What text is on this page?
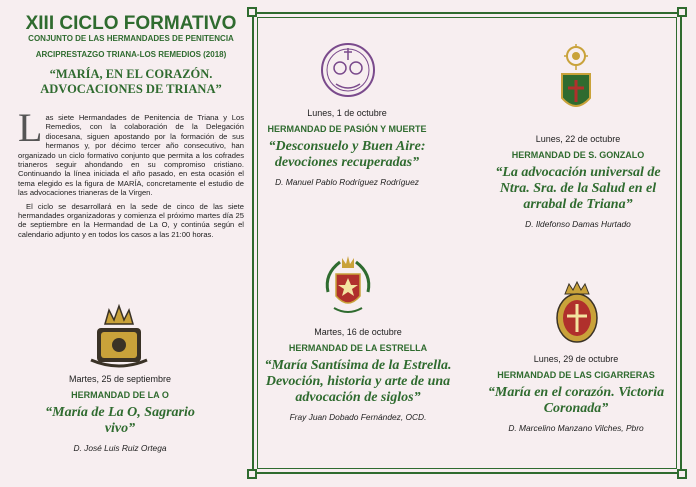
XIII CICLO FORMATIVO
CONJUNTO DE LAS HERMANDADES DE PENITENCIA
ARCIPRESTAZGO TRIANA-LOS REMEDIOS (2018)
“MARÍA, EN EL CORAZÓN.
ADVOCACIONES DE TRIANA”
L as siete Hermandades de Penitencia de Triana y Los Remedios, con la colaboración de la Delegación diocesana, siguen apostando por la formación de sus hermanos y, por décimo tercer año consecutivo, han organizado un ciclo formativo conjunto que permita a los cofrades trianeros seguir ahondando en su compromiso cristiano. Continuando la línea iniciada el año pasado, en esta ocasión el tema elegido es la figura de MARÍA, concretamente el estudio de las advocaciones trianeras de la Virgen.
El ciclo se desarrollará en la sede de cinco de las siete hermandades organizadoras y comienza el próximo martes día 25 de septiembre en la Hermandad de La O, y continúa según el calendario adjunto y en todos los casos a las 21:00 horas.
Lunes, 1 de octubre
HERMANDAD DE PASIÓN Y MUERTE
“Desconsuelo y Buen Aire: devociones recuperadas”
D. Manuel Pablo Rodríguez Rodríguez
Lunes, 22 de octubre
HERMANDAD DE S. GONZALO
“La advocación universal de Ntra. Sra. de la Salud en el arrabal de Triana”
D. Ildefonso Damas Hurtado
Martes, 16 de octubre
HERMANDAD DE LA ESTRELLA
“María Santísima de la Estrella. Devoción, historia y arte de una advocación de siglos”
Fray Juan Dobado Fernández, OCD.
Lunes, 29 de octubre
HERMANDAD DE LAS CIGARRERAS
“María en el corazón. Victoria Coronada”
D. Marcelino Manzano Vilches, Pbro
Martes, 25 de septiembre
HERMANDAD DE LA O
“María de La O, Sagrario vivo”
D. José Luis Ruiz Ortega
